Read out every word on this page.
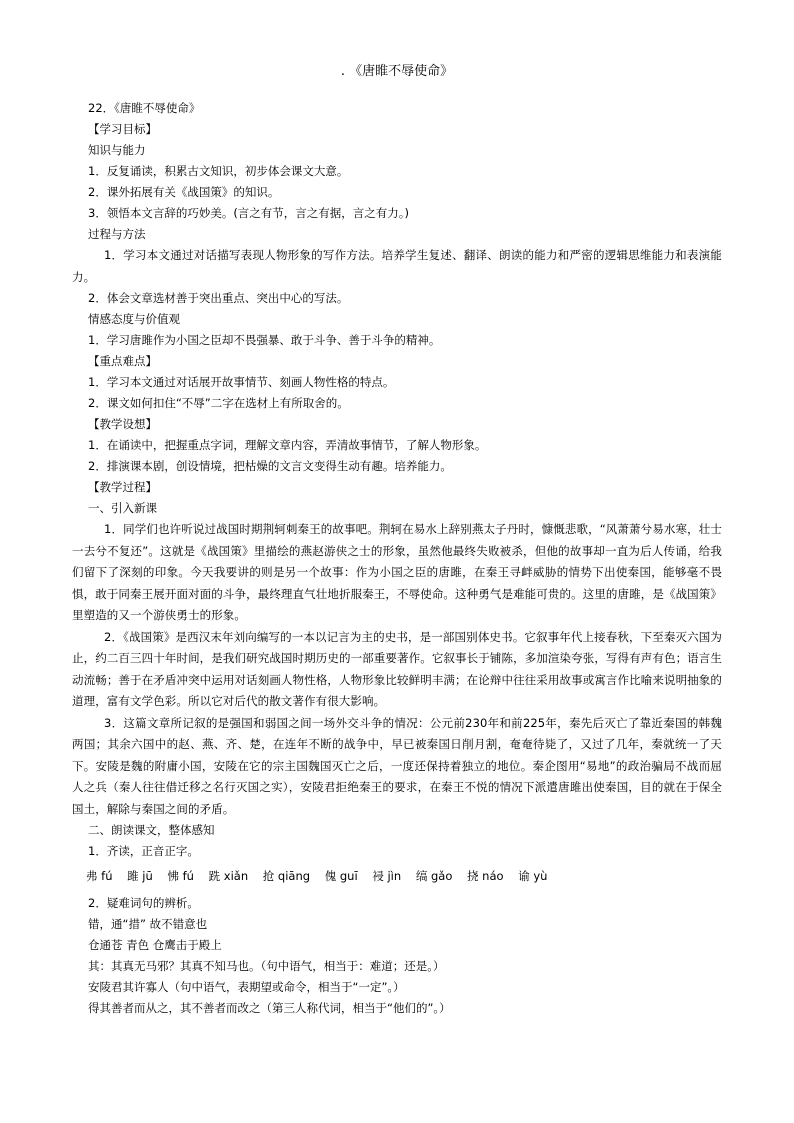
. 《唐睢不辱使命》
22．《唐睢不辱使命》
【学习目标】
知识与能力
1．反复诵读，积累古文知识，初步体会课文大意。
2．课外拓展有关《战国策》的知识。
3．领悟本文言辞的巧妙美。(言之有节，言之有据，言之有力。)
过程与方法
1．学习本文通过对话描写表现人物形象的写作方法。培养学生复述、翻译、朗读的能力和严密的逻辑思维能力和表演能力。
2．体会文章选材善于突出重点、突出中心的写法。
情感态度与价值观
1．学习唐雎作为小国之臣却不畏强暴、敢于斗争、善于斗争的精神。
【重点难点】
1．学习本文通过对话展开故事情节、刻画人物性格的特点。
2．课文如何扣住“不辱”二字在选材上有所取舍的。
【教学设想】
1．在诵读中，把握重点字词，理解文章内容，弄清故事情节，了解人物形象。
2．排演课本剧，创设情境，把枯燥的文言文变得生动有趣。培养能力。
【教学过程】
一、引入新课
1．同学们也许听说过战国时期荆轲刺秦王的故事吧。荆轲在易水上辞别燕太子丹时，慷慨悲歌，“风萧萧兮易水寒，壮士一去兮不复还”。这就是《战国策》里描绘的燕赵游侠之士的形象，虽然他最终失败被杀，但他的故事却一直为后人传诵，给我们留下了深刻的印象。今天我要讲的则是另一个故事：作为小国之臣的唐雎，在秦王寻衅威胁的情势下出使秦国，能够毫不畏惧，敢于同秦王展开面对面的斗争，最终理直气壮地折服秦王，不辱使命。这种勇气是难能可贵的。这里的唐雎，是《战国策》里塑造的又一个游侠勇士的形象。
2．《战国策》是西汉末年刘向编写的一本以记言为主的史书，是一部国别体史书。它叙事年代上接春秋，下至秦灭六国为止，约二百三四十年时间，是我们研究战国时期历史的一部重要著作。它叙事长于铺陈，多加渲染夸张，写得有声有色；语言生动流畅；善于在矛盾冲突中运用对话刻画人物性格，人物形象比较鲜明丰满；在论辩中往往采用故事或寓言作比喻来说明抽象的道理，富有文学色彩。所以它对后代的散文著作有很大影响。
3．这篇文章所记叙的是强国和弱国之间一场外交斗争的情况：公元前230年和前225年，秦先后灭亡了靠近秦国的韩魏两国；其余六国中的赵、燕、齐、楚，在连年不断的战争中，早已被秦国日削月割，奄奄待毙了，又过了几年，秦就统一了天下。安陵是魏的附庸小国，安陵在它的宗主国魏国灭亡之后，一度还保持着独立的地位。秦企图用“易地”的政治骗局不战而屈人之兵（秦人往往借迁移之名行灭国之实），安陵君拒绝秦王的要求，在秦王不悦的情况下派遣唐雎出使秦国，目的就在于保全国土，解除与秦国之间的矛盾。
二、朗读课文，整体感知
1．齐读，正音正字。
弗 fú 雎 jū 怫 fú 跣 xiǎn 抢 qiāng 傀 guī 祲 jìn 缟 gǎo 挠 náo 谕 yù
2．疑难词句的辨析。
错，通“措” 故不错意也
仓通苍 青色 仓鹰击于殿上
其：其真无马邪？其真不知马也。（句中语气，相当于：难道；还是。）
安陵君其许寡人（句中语气，表期望或命令，相当于“一定”。）
得其善者而从之，其不善者而改之（第三人称代词，相当于“他们的”。）
